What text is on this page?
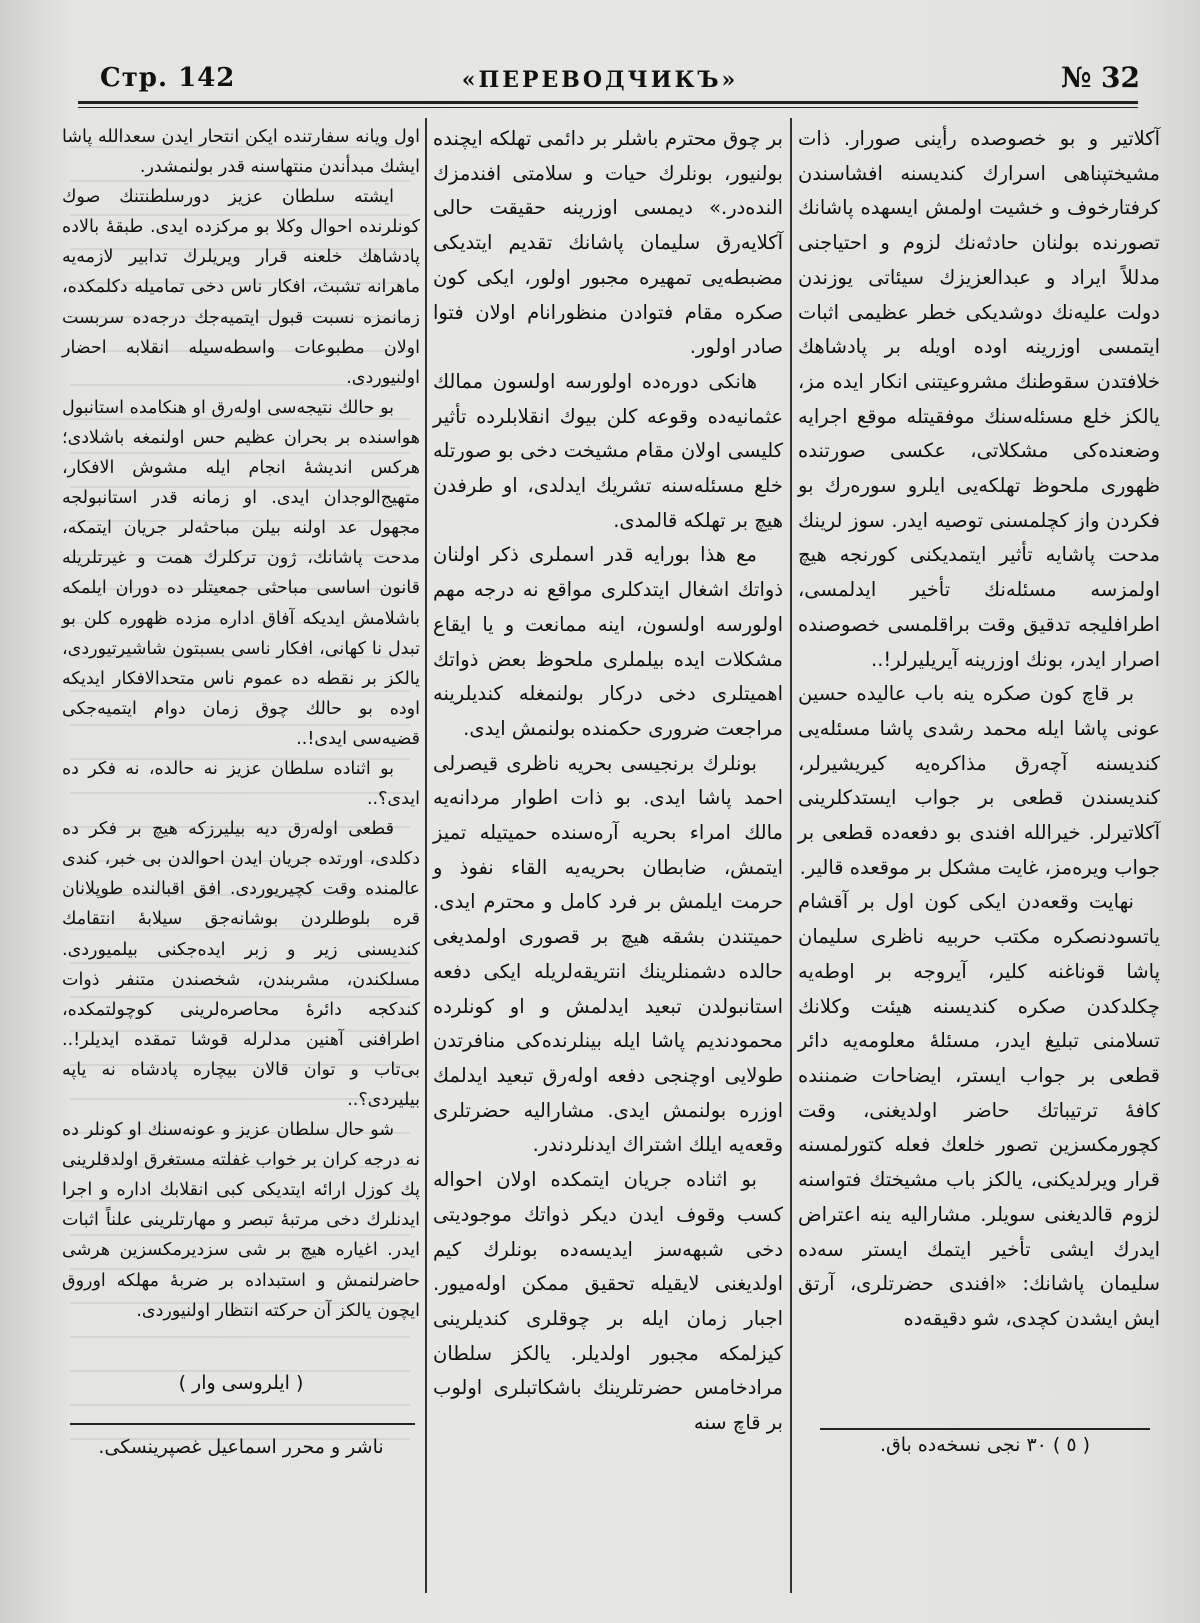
Стр. 142	«ПЕРЕВОДЧИКЪ»	№ 32

آکلاتیر و بو خصوصده رأینی صورار. ذات مشیختپناهی اسرارك کندیسنه افشاسندن کرفتارخوف و خشیت اولمش ایسهده پاشانك تصورنده بولنان حادثه‌نك لزوم و احتیاجنی مدللاً ایراد و عبدالعزیزك سیئاتی یوزندن دولت علیه‌نك دوشدیکی خطر عظیمی اثبات ایتمسی اوزرینه اوده اویله بر پادشاهك خلافتدن سقوطنك مشروعیتنی انکار ایده مز، یالکز خلع مسئله‌سنك موفقیتله موقع اجرایه وضعنده‌کی مشکلاتی، عکسی صورتنده ظهوری ملحوظ تهلکه‌یی ایلرو سوره‌رك بو فکردن واز کچلمسنی توصیه ایدر. سوز لرینك مدحت پاشایه تأثیر ایتمدیکنی کورنجه هیچ اولمزسه مسئله‌نك تأخیر ایدلمسی، اطرافلیجه تدقیق وقت براقلمسی خصوصنده اصرار ایدر، بونك اوزرینه آیریلیرلر!..

بر قاچ کون صکره ینه باب عالیده حسین عونی پاشا ایله محمد رشدی پاشا مسئله‌یی کندیسنه آچه‌رق مذاکره‌یه کیریشیرلر، کندیسندن قطعی بر جواب ایستدکلرینی آکلاتیرلر. خیرالله افندی بو دفعه‌ده قطعی بر جواب ویره‌مز، غایت مشکل بر موقعده قالیر.

نهایت وقعه‌دن ایکی کون اول بر آقشام یاتسودنصکره مکتب حربیه ناظری سلیمان پاشا قوناغنه کلیر، آیروجه بر اوطه‌یه چکلدکدن صکره کندیسنه هیئت وکلانك تسلامنی تبلیغ ایدر، مسئلهٔ معلومه‌یه دائر قطعی بر جواب ایستر، ایضاحات ضمننده کافهٔ ترتیباتك حاضر اولدیغنی، وقت کچورمکسزین تصور خلعك فعله کتورلمسنه قرار ویرلدیکنی، یالکز باب مشیختك فتواسنه لزوم قالدیغنی سویلر. مشارالیه ینه اعتراض ایدرك ایشی تأخیر ایتمك ایستر سه‌ده سلیمان پاشانك: «افندی حضرتلری، آرتق ایش ایشدن کچدی، شو دقیقه‌ده

( ٥ ) ٣٠ نجی نسخه‌ده باق.

بر چوق محترم باشلر بر دائمی تهلکه ایچنده بولنیور، بونلرك حیات و سلامتی افندمزك النده‌در.» دیمسی اوزرینه حقیقت حالی آکلایه‌رق سلیمان پاشانك تقدیم ایتدیکی مضبطه‌یی تمهیره مجبور اولور، ایکی کون صکره مقام فتوادن منظورانام اولان فتوا صادر اولور.

هانکی دوره‌ده اولورسه اولسون ممالك عثمانیه‌ده وقوعه کلن بیوك انقلابلرده تأثیر کلیسی اولان مقام مشیخت دخی بو صورتله خلع مسئله‌سنه تشریك ایدلدی، او طرفدن هیچ بر تهلکه قالمدی.

مع هذا بورایه قدر اسملری ذکر اولنان ذواتك اشغال ایتدکلری مواقع نه درجه مهم اولورسه اولسون، اینه ممانعت و یا ایقاع مشکلات ایده بیلملری ملحوظ بعض ذواتك اهمیتلری دخی درکار بولنمغله کندیلرینه مراجعت ضروری حکمنده بولنمش ایدی.

بونلرك برنجیسی بحریه ناظری قیصرلی احمد پاشا ایدی. بو ذات اطوار مردانه‌یه مالك امراء بحریه آره‌سنده حمیتیله تمیز ایتمش، ضابطان بحریه‌یه القاء نفوذ و حرمت ایلمش بر فرد کامل و محترم ایدی. حمیتندن بشقه هیچ بر قصوری اولمدیغی حالده دشمنلرینك انتریقه‌لریله ایکی دفعه استانبولدن تبعید ایدلمش و او کونلرده محمودندیم پاشا ایله بینلرنده‌کی منافرتدن طولایی اوچنجی دفعه اوله‌رق تبعید ایدلمك اوزره بولنمش ایدی. مشارالیه حضرتلری وقعه‌یه ایلك اشتراك ایدنلردندر.

بو اثناده جریان ایتمکده اولان احواله کسب وقوف ایدن دیکر ذواتك موجودیتی دخی شبهه‌سز ایدیسه‌ده بونلرك کیم اولدیغنی لایقیله تحقیق ممکن اوله‌میور. اجبار زمان ایله بر چوقلری کندیلرینی کیزلمکه مجبور اولدیلر. یالکز سلطان مرادخامس حضرتلرینك باشکاتبلری اولوب بر قاچ سنه

اول ویانه سفارتنده ایکن انتحار ایدن سعدالله پاشا ایشك مبدأندن منتهاسنه قدر بولنمشدر.

ایشته سلطان عزیز دورسلطنتنك صوك کونلرنده احوال وکلا بو مرکزده ایدی. طبقهٔ بالاده پادشاهك خلعنه قرار ویریلرك تدابیر لازمه‌یه ماهرانه تشبث، افکار ناس دخی تمامیله دکلمکده، زمانمزه نسبت قبول ایتمیه‌جك درجه‌ده سربست اولان مطبوعات واسطه‌سیله انقلابه احضار اولنیوردی.

بو حالك نتیجه‌سی اوله‌رق او هنکامده استانبول هواسنده بر بحران عظیم حس اولنمغه باشلادی؛ هرکس اندیشهٔ انجام ایله مشوش الافکار، متهیج‌الوجدان ایدی. او زمانه قدر استانبولجه مجهول عد اولنه بیلن مباحثه‌لر جریان ایتمکه، مدحت پاشانك، ژون ترکلرك همت و غیرتلریله قانون اساسی مباحثی جمعیتلر ده دوران ایلمکه باشلامش ایدیکه آفاق اداره مزده ظهوره کلن بو تبدل نا کهانی، افکار ناسی بسبتون شاشیرتیوردی، یالکز بر نقطه ده عموم ناس متحدالافکار ایدیکه اوده بو حالك چوق زمان دوام ایتمیه‌جکی قضیه‌سی ایدی!..

بو اثناده سلطان عزیز نه حالده، نه فکر ده ایدی؟..

قطعی اوله‌رق دیه بیلیرزکه هیچ بر فکر ده دکلدی، اورتده جریان ایدن احوالدن بی خبر، کندی عالمنده وقت کچیریوردی. افق اقبالنده طوپلانان قره بلوطلردن بوشانه‌جق سیلابهٔ انتقامك کندیسنی زیر و زبر ایده‌جکنی بیلمیوردی. مسلکندن، مشربندن، شخصندن متنفر ذوات کندکجه دائرهٔ محاصره‌لرینی کوچولتمکده، اطرافنی آهنین مدلرله قوشا تمقده ایدیلر!.. بی‌تاب و توان قالان بیچاره پادشاه نه یاپه بیلیردی؟..

شو حال سلطان عزیز و عونه‌سنك او کونلر ده نه درجه کران بر خواب غفلته مستغرق اولدقلرینی پك کوزل ارائه ایتدیکی کبی انقلابك اداره و اجرا ایدنلرك دخی مرتبهٔ تبصر و مهارتلرینی علناً اثبات ایدر. اغیاره هیچ بر شی سزدیرمکسزین هرشی حاضرلنمش و استبداده بر ضربهٔ مهلکه اوروق ایچون یالکز آن حرکته انتظار اولنیوردی.

( ایلروسی وار )
ناشر و محرر اسماعیل غصپرینسکی.
